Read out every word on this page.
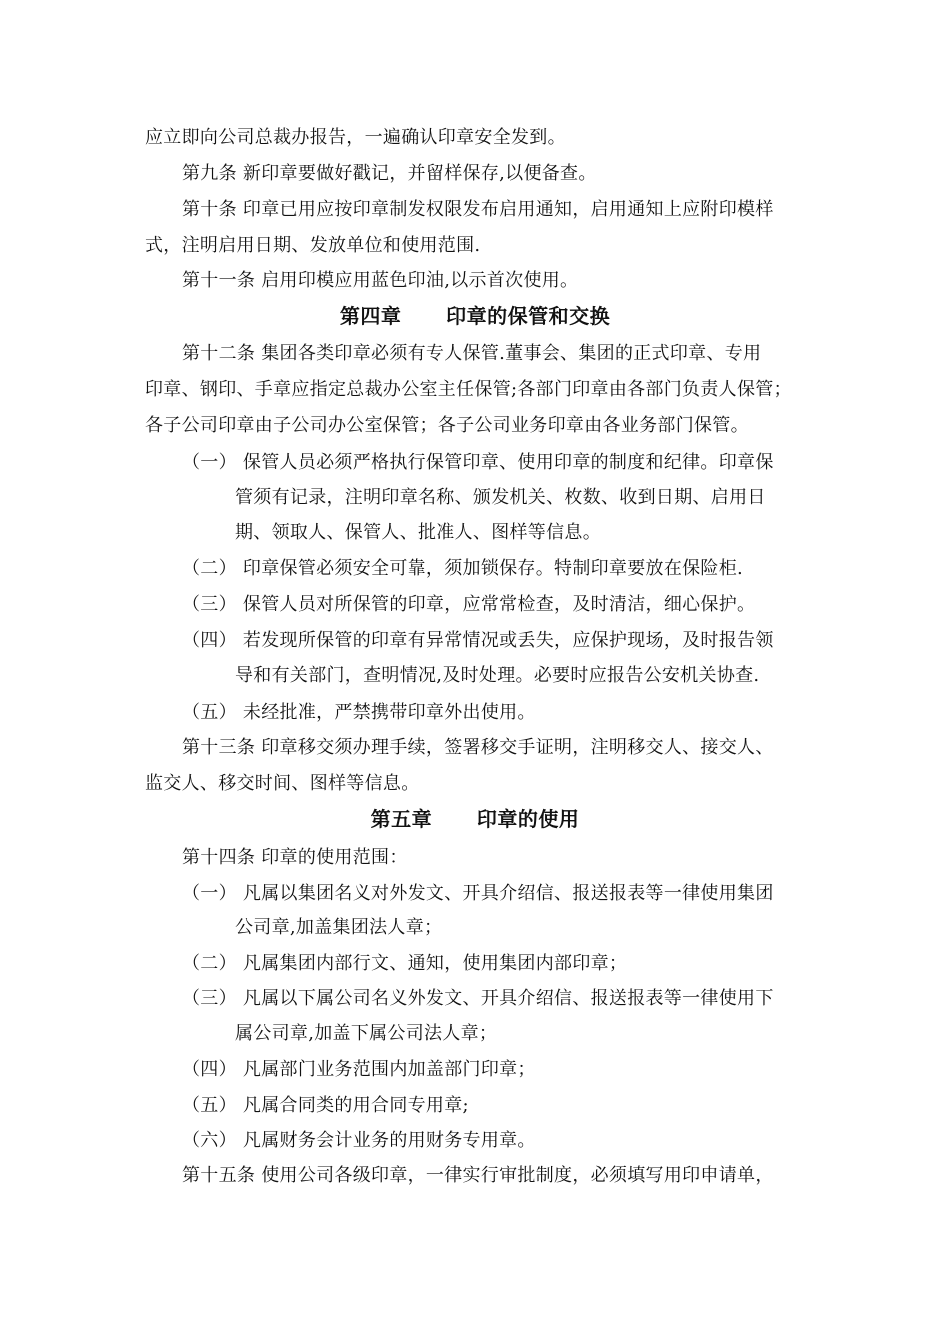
应立即向公司总裁办报告，一遍确认印章安全发到。
第九条 新印章要做好戳记，并留样保存,以便备查。
第十条 印章已用应按印章制发权限发布启用通知，启用通知上应附印模样
式，注明启用日期、发放单位和使用范围.
第十一条 启用印模应用蓝色印油,以示首次使用。
第四章      印章的保管和交换
第十二条 集团各类印章必须有专人保管.董事会、集团的正式印章、专用
印章、钢印、手章应指定总裁办公室主任保管;各部门印章由各部门负责人保管；
各子公司印章由子公司办公室保管；各子公司业务印章由各业务部门保管。
（一） 保管人员必须严格执行保管印章、使用印章的制度和纪律。印章保
管须有记录，注明印章名称、颁发机关、枚数、收到日期、启用日
期、领取人、保管人、批准人、图样等信息。
（二） 印章保管必须安全可靠，须加锁保存。特制印章要放在保险柜.
（三） 保管人员对所保管的印章，应常常检查，及时清洁，细心保护。
（四） 若发现所保管的印章有异常情况或丢失，应保护现场，及时报告领
导和有关部门，查明情况,及时处理。必要时应报告公安机关协查.
（五） 未经批准，严禁携带印章外出使用。
第十三条 印章移交须办理手续，签署移交手证明，注明移交人、接交人、
监交人、移交时间、图样等信息。
第五章      印章的使用
第十四条 印章的使用范围：
（一） 凡属以集团名义对外发文、开具介绍信、报送报表等一律使用集团
公司章,加盖集团法人章；
（二） 凡属集团内部行文、通知，使用集团内部印章；
（三） 凡属以下属公司名义外发文、开具介绍信、报送报表等一律使用下
属公司章,加盖下属公司法人章；
（四） 凡属部门业务范围内加盖部门印章；
（五） 凡属合同类的用合同专用章;
（六） 凡属财务会计业务的用财务专用章。
第十五条 使用公司各级印章，一律实行审批制度，必须填写用印申请单，
